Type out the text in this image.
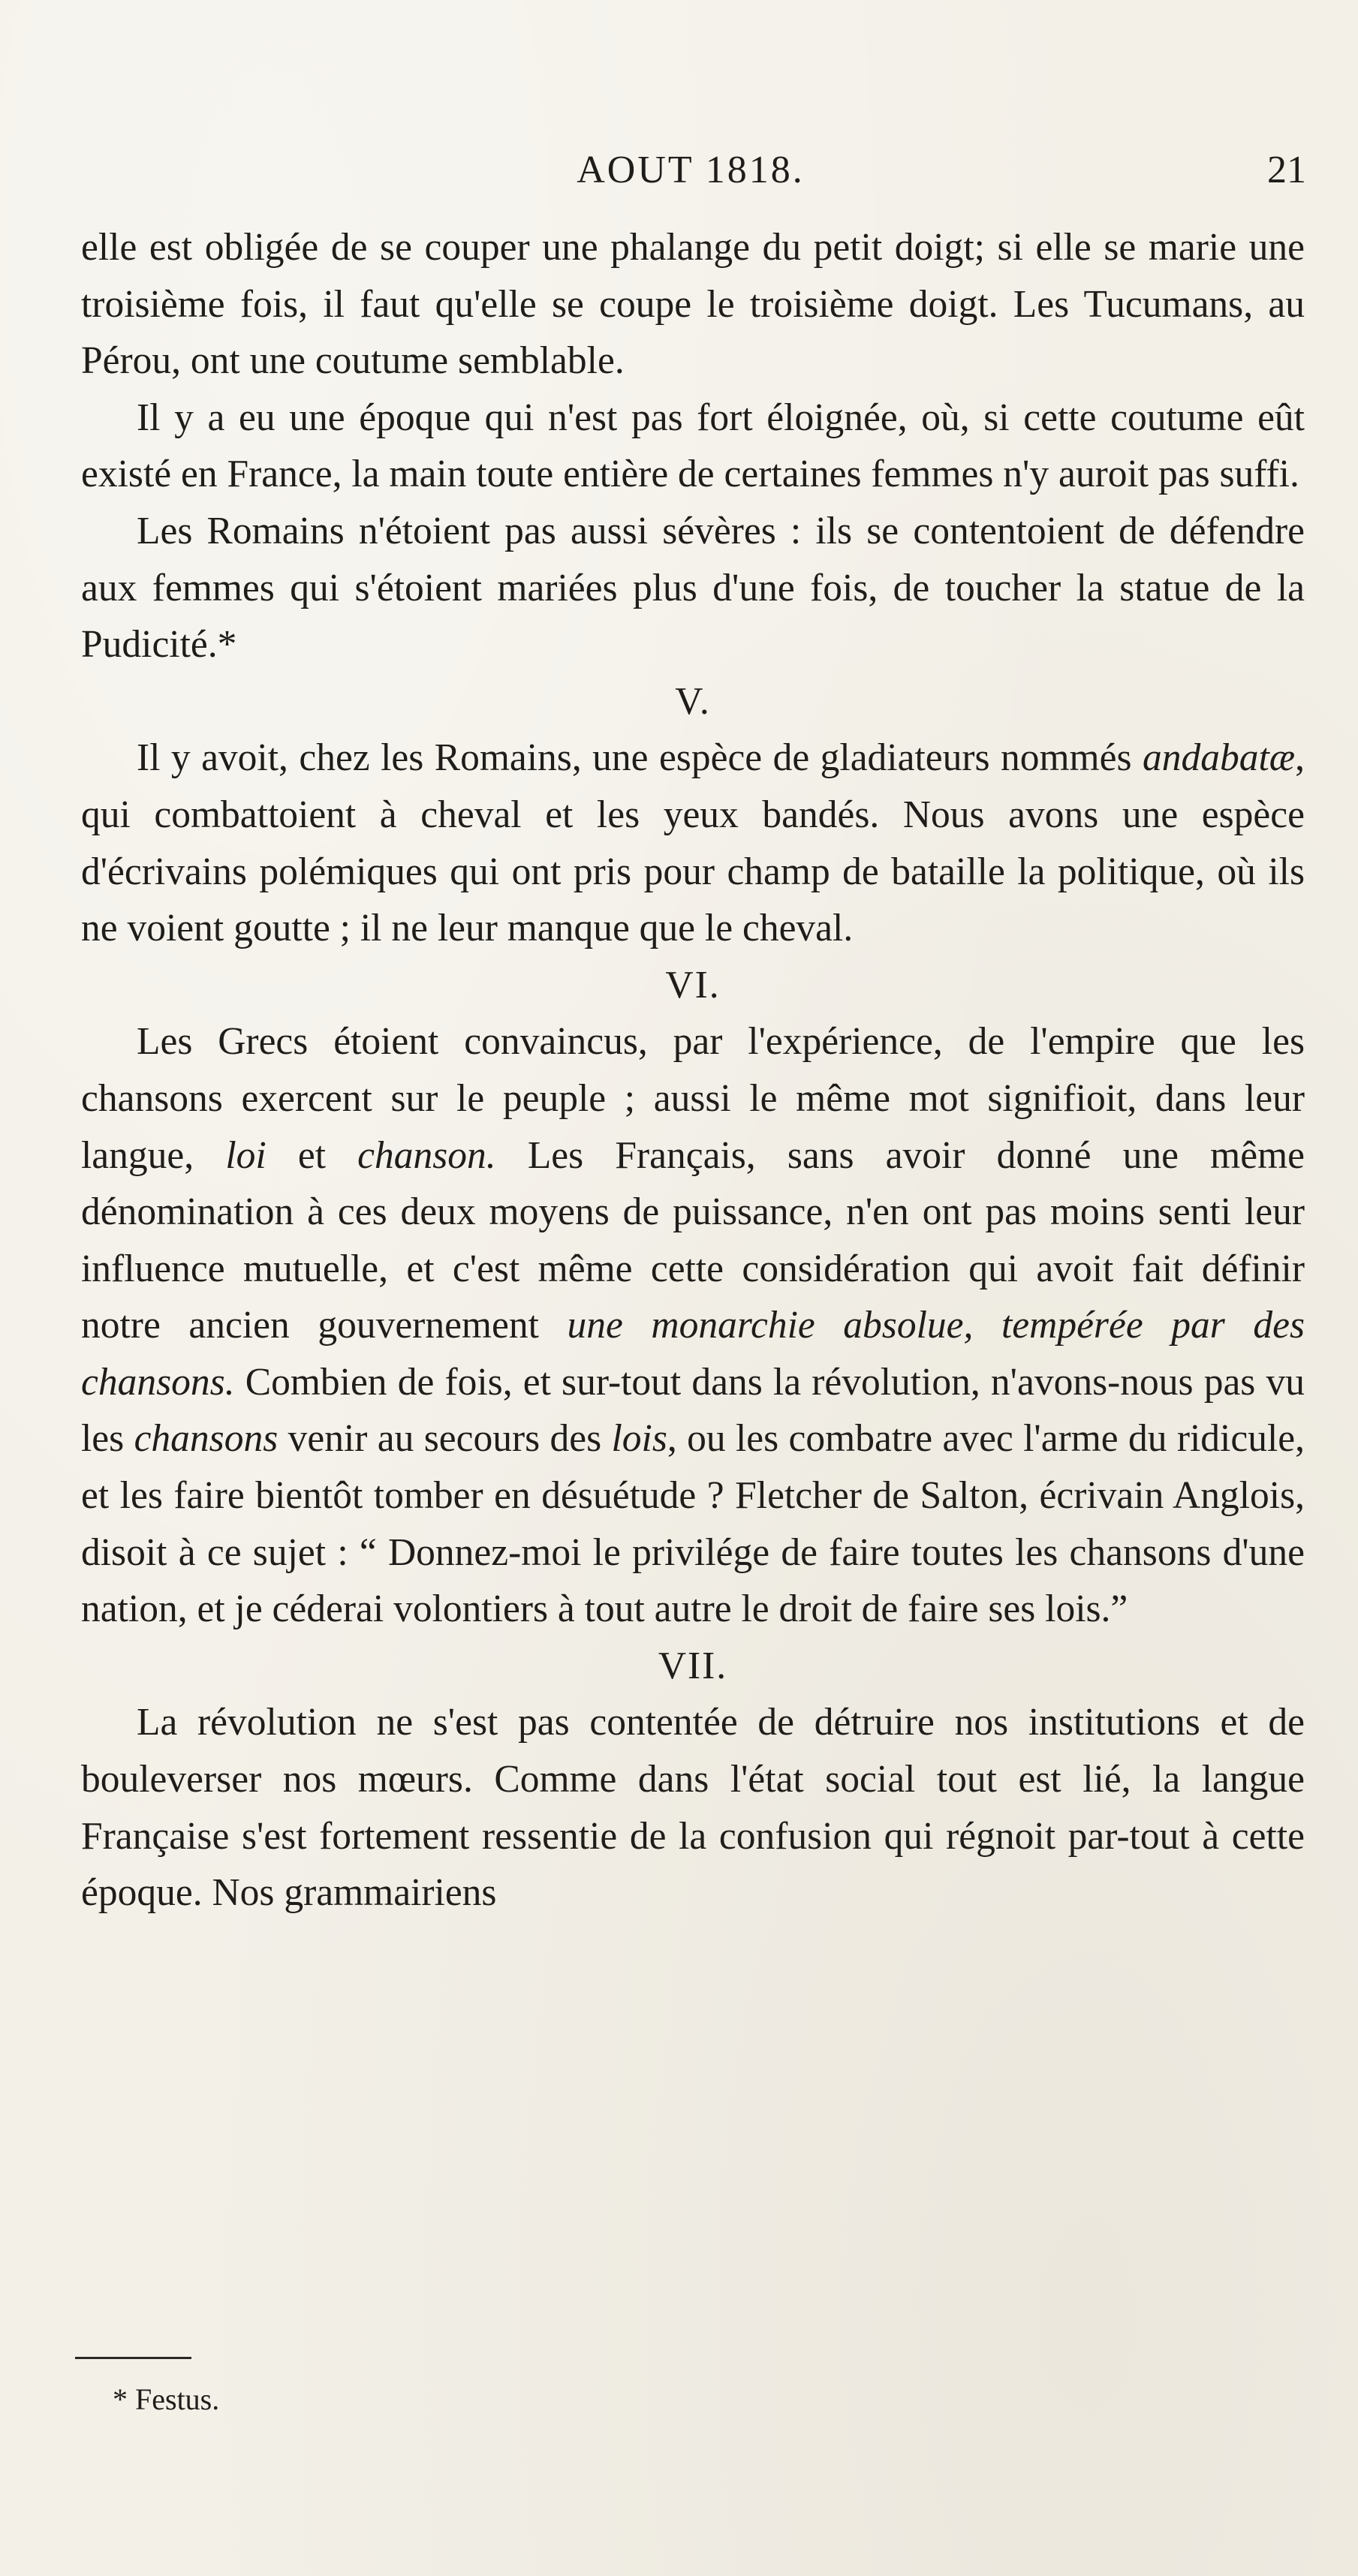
AOUT 1818.	21

elle est obligée de se couper une phalange du petit doigt; si elle se marie une troisième fois, il faut qu'elle se coupe le troisième doigt. Les Tucumans, au Pérou, ont une coutume semblable.

Il y a eu une époque qui n'est pas fort éloignée, où, si cette coutume eût existé en France, la main toute entière de certaines femmes n'y auroit pas suffi.

Les Romains n'étoient pas aussi sévères : ils se contentoient de défendre aux femmes qui s'étoient mariées plus d'une fois, de toucher la statue de la Pudicité.*

V.

Il y avoit, chez les Romains, une espèce de gladiateurs nommés andabatæ, qui combattoient à cheval et les yeux bandés. Nous avons une espèce d'écrivains polémiques qui ont pris pour champ de bataille la politique, où ils ne voient goutte ; il ne leur manque que le cheval.

VI.

Les Grecs étoient convaincus, par l'expérience, de l'empire que les chansons exercent sur le peuple ; aussi le même mot signifioit, dans leur langue, loi et chanson. Les Français, sans avoir donné une même dénomination à ces deux moyens de puissance, n'en ont pas moins senti leur influence mutuelle, et c'est même cette considération qui avoit fait définir notre ancien gouvernement une monarchie absolue, tempérée par des chansons. Combien de fois, et sur-tout dans la révolution, n'avons-nous pas vu les chansons venir au secours des lois, ou les combatre avec l'arme du ridicule, et les faire bientôt tomber en désuétude ? Fletcher de Salton, écrivain Anglois, disoit à ce sujet : “ Donnez-moi le privilége de faire toutes les chansons d'une nation, et je céderai volontiers à tout autre le droit de faire ses lois.”

VII.

La révolution ne s'est pas contentée de détruire nos institutions et de bouleverser nos mœurs. Comme dans l'état social tout est lié, la langue Française s'est fortement ressentie de la confusion qui régnoit par-tout à cette époque. Nos grammairiens

* Festus.
